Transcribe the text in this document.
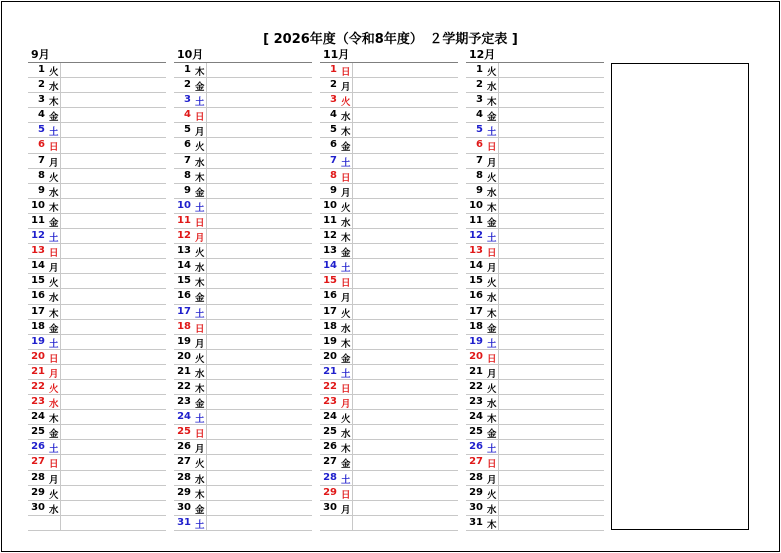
[ 2026年度（令和8年度）　２学期予定表 ]
9月
1 火
2 水
3 木
4 金
5 土
6 日
7 月
8 火
9 水
10 木
11 金
12 土
13 日
14 月
15 火
16 水
17 木
18 金
19 土
20 日
21 月
22 火
23 水
24 木
25 金
26 土
27 日
28 月
29 火
30 水
10月
1 木
2 金
3 土
4 日
5 月
6 火
7 水
8 木
9 金
10 土
11 日
12 月
13 火
14 水
15 木
16 金
17 土
18 日
19 月
20 火
21 水
22 木
23 金
24 土
25 日
26 月
27 火
28 水
29 木
30 金
31 土
11月
1 日
2 月
3 火
4 水
5 木
6 金
7 土
8 日
9 月
10 火
11 水
12 木
13 金
14 土
15 日
16 月
17 火
18 水
19 木
20 金
21 土
22 日
23 月
24 火
25 水
26 木
27 金
28 土
29 日
30 月
12月
1 火
2 水
3 木
4 金
5 土
6 日
7 月
8 火
9 水
10 木
11 金
12 土
13 日
14 月
15 火
16 水
17 木
18 金
19 土
20 日
21 月
22 火
23 水
24 木
25 金
26 土
27 日
28 月
29 火
30 水
31 木
